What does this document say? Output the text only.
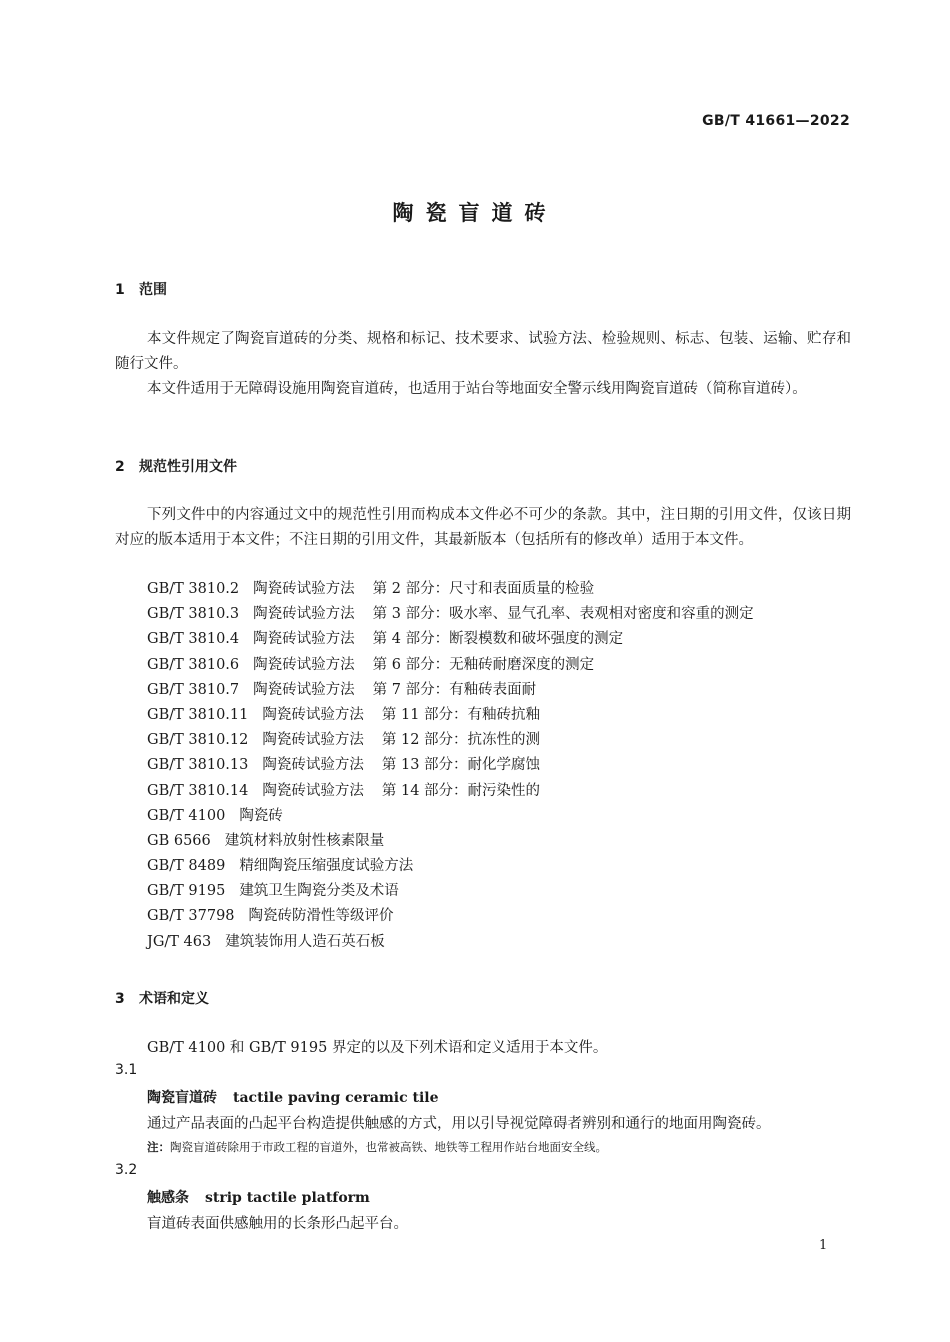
GB/T 41661—2022
陶瓷盲道砖
1 范围

本文件规定了陶瓷盲道砖的分类、规格和标记、技术要求、试验方法、检验规则、标志、包装、运输、贮存和随行文件。

本文件适用于无障碍设施用陶瓷盲道砖，也适用于站台等地面安全警示线用陶瓷盲道砖（简称盲道砖）。

2 规范性引用文件

下列文件中的内容通过文中的规范性引用而构成本文件必不可少的条款。其中，注日期的引用文件，仅该日期对应的版本适用于本文件；不注日期的引用文件，其最新版本（包括所有的修改单）适用于本文件。

GB/T 3810.2 陶瓷砖试验方法 第 2 部分：尺寸和表面质量的检验
GB/T 3810.3 陶瓷砖试验方法 第 3 部分：吸水率、显气孔率、表观相对密度和容重的测定
GB/T 3810.4 陶瓷砖试验方法 第 4 部分：断裂模数和破坏强度的测定
GB/T 3810.6 陶瓷砖试验方法 第 6 部分：无釉砖耐磨深度的测定
GB/T 3810.7 陶瓷砖试验方法 第 7 部分：有釉砖表面耐
GB/T 3810.11 陶瓷砖试验方法 第 11 部分：有釉砖抗釉
GB/T 3810.12 陶瓷砖试验方法 第 12 部分：抗冻性的测
GB/T 3810.13 陶瓷砖试验方法 第 13 部分：耐化学腐蚀
GB/T 3810.14 陶瓷砖试验方法 第 14 部分：耐污染性的
GB/T 4100 陶瓷砖
GB 6566 建筑材料放射性核素限量
GB/T 8489 精细陶瓷压缩强度试验方法
GB/T 9195 建筑卫生陶瓷分类及术语
GB/T 37798 陶瓷砖防滑性等级评价
JG/T 463 建筑装饰用人造石英石板
3 术语和定义
GB/T 4100 和 GB/T 9195 界定的以及下列术语和定义适用于本文件。
3.1
陶瓷盲道砖 tactile paving ceramic tile
通过产品表面的凸起平台构造提供触感的方式，用以引导视觉障碍者辨别和通行的地面用陶瓷砖。
注：陶瓷盲道砖除用于市政工程的盲道外，也常被高铁、地铁等工程用作站台地面安全线。
3.2
触感条 strip tactile platform
盲道砖表面供感触用的长条形凸起平台。
1
